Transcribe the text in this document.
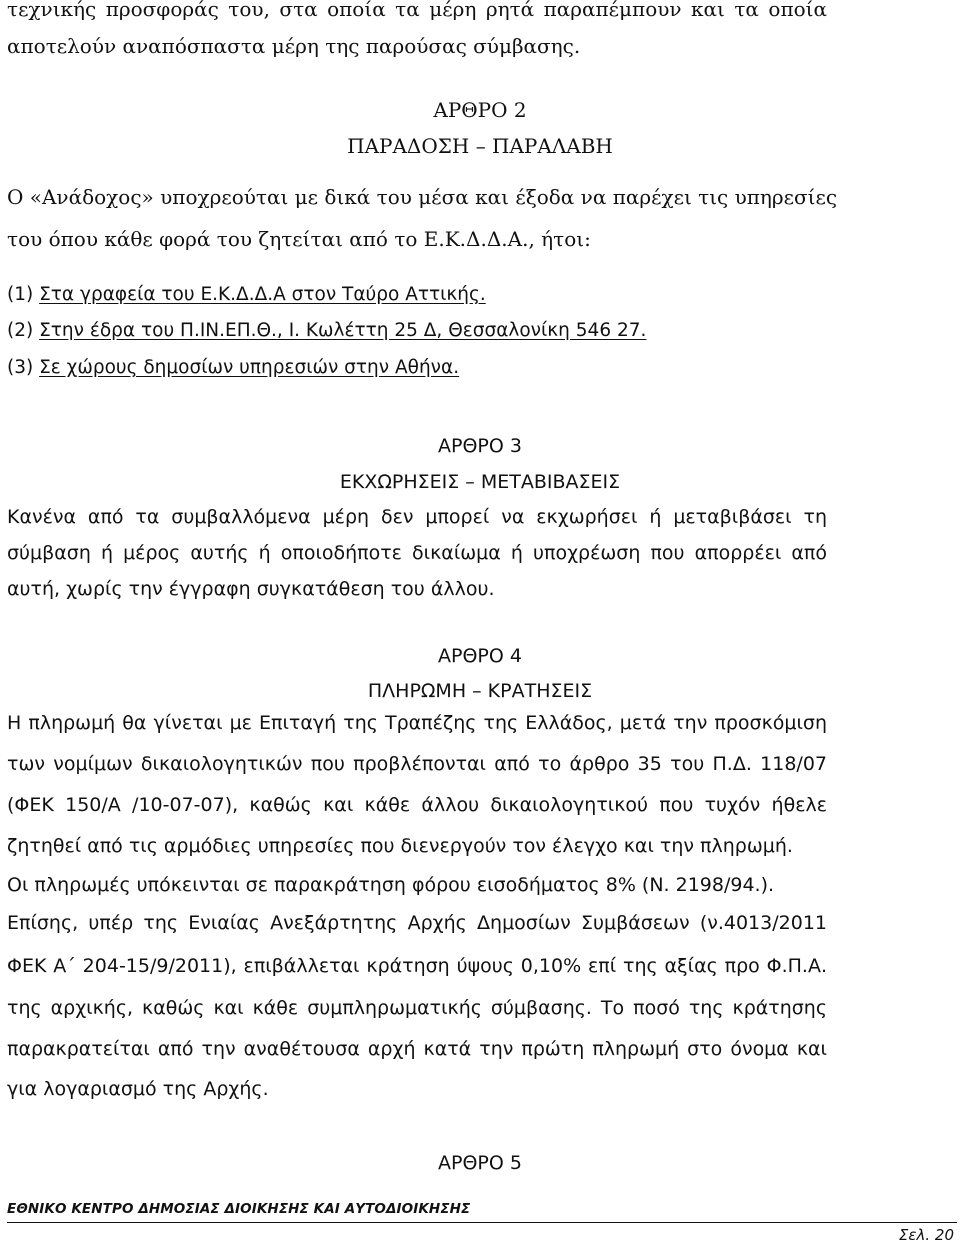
τεχνικής προσφοράς του, στα οποία τα μέρη ρητά παραπέμπουν και τα οποία
αποτελούν αναπόσπαστα μέρη της παρούσας σύμβασης.
ΑΡΘΡΟ 2
ΠΑΡΑΔΟΣΗ – ΠΑΡΑΛΑΒΗ
Ο «Ανάδοχος» υποχρεούται με δικά του μέσα και έξοδα να παρέχει τις υπηρεσίες
του όπου κάθε φορά του ζητείται από το Ε.Κ.Δ.Δ.Α., ήτοι:
(1) Στα γραφεία του Ε.Κ.Δ.Δ.Α στον Ταύρο Αττικής.
(2) Στην έδρα του Π.ΙΝ.ΕΠ.Θ., Ι. Κωλέττη 25 Δ, Θεσσαλονίκη 546 27.
(3) Σε χώρους δημοσίων υπηρεσιών στην Αθήνα.
ΑΡΘΡΟ 3
ΕΚΧΩΡΗΣΕΙΣ – ΜΕΤΑΒΙΒΑΣΕΙΣ
Κανένα από τα συμβαλλόμενα μέρη δεν μπορεί να εκχωρήσει ή μεταβιβάσει τη
σύμβαση ή μέρος αυτής ή οποιοδήποτε δικαίωμα ή υποχρέωση που απορρέει από
αυτή, χωρίς την έγγραφη συγκατάθεση του άλλου.
ΑΡΘΡΟ 4
ΠΛΗΡΩΜΗ – ΚΡΑΤΗΣΕΙΣ
Η πληρωμή θα γίνεται με Επιταγή της Τραπέζης της Ελλάδος, μετά την προσκόμιση
των νομίμων δικαιολογητικών που προβλέπονται από το άρθρο 35 του Π.Δ. 118/07
(ΦΕΚ 150/Α /10-07-07), καθώς και κάθε άλλου δικαιολογητικού που τυχόν ήθελε
ζητηθεί από τις αρμόδιες υπηρεσίες που διενεργούν τον έλεγχο και την πληρωμή.
Οι πληρωμές υπόκεινται σε παρακράτηση φόρου εισοδήματος 8% (Ν. 2198/94.).
Επίσης, υπέρ της Ενιαίας Ανεξάρτητης Αρχής Δημοσίων Συμβάσεων (ν.4013/2011
ΦΕΚ Α΄ 204-15/9/2011), επιβάλλεται κράτηση ύψους 0,10% επί της αξίας προ Φ.Π.Α.
της αρχικής, καθώς και κάθε συμπληρωματικής σύμβασης. Το ποσό της κράτησης
παρακρατείται από την αναθέτουσα αρχή κατά την πρώτη πληρωμή στο όνομα και
για λογαριασμό της Αρχής.
ΑΡΘΡΟ 5
ΕΘΝΙΚΟ ΚΕΝΤΡΟ ΔΗΜΟΣΙΑΣ ΔΙΟΙΚΗΣΗΣ ΚΑΙ ΑΥΤΟΔΙΟΙΚΗΣΗΣ
Σελ. 20
